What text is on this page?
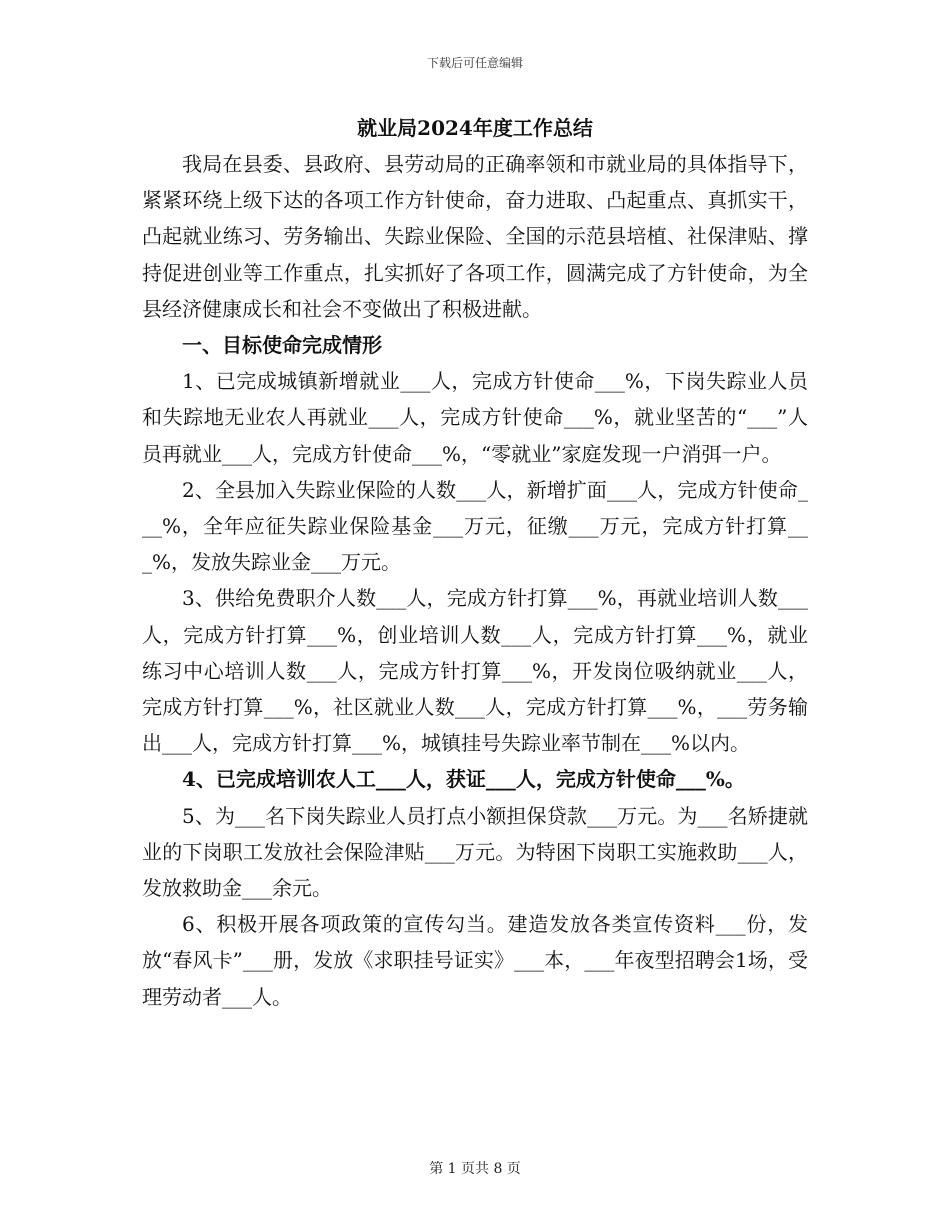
下载后可任意编辑
就业局2024年度工作总结

我局在县委、县政府、县劳动局的正确率领和市就业局的具体指导下，紧紧环绕上级下达的各项工作方针使命，奋力进取、凸起重点、真抓实干，凸起就业练习、劳务输出、失踪业保险、全国的示范县培植、社保津贴、撑持促进创业等工作重点，扎实抓好了各项工作，圆满完成了方针使命，为全县经济健康成长和社会不变做出了积极进献。

一、目标使命完成情形

1、已完成城镇新增就业___人，完成方针使命___%，下岗失踪业人员和失踪地无业农人再就业___人，完成方针使命___%，就业坚苦的“___”人员再就业___人，完成方针使命___%，“零就业”家庭发现一户消弭一户。

2、全县加入失踪业保险的人数___人，新增扩面___人，完成方针使命___%，全年应征失踪业保险基金___万元，征缴___万元，完成方针打算___%，发放失踪业金___万元。

3、供给免费职介人数___人，完成方针打算___%，再就业培训人数___人，完成方针打算___%，创业培训人数___人，完成方针打算___%，就业练习中心培训人数___人，完成方针打算___%，开发岗位吸纳就业___人，完成方针打算___%，社区就业人数___人，完成方针打算___%，___劳务输出___人，完成方针打算___%，城镇挂号失踪业率节制在___%以内。

4、已完成培训农人工___人，获证___人，完成方针使命___%。

5、为___名下岗失踪业人员打点小额担保贷款___万元。为___名矫捷就业的下岗职工发放社会保险津贴___万元。为特困下岗职工实施救助___人，发放救助金___余元。

6、积极开展各项政策的宣传勾当。建造发放各类宣传资料___份，发放“春风卡”___册，发放《求职挂号证实》___本，___年夜型招聘会1场，受理劳动者___人。

第 1 页共 8 页
